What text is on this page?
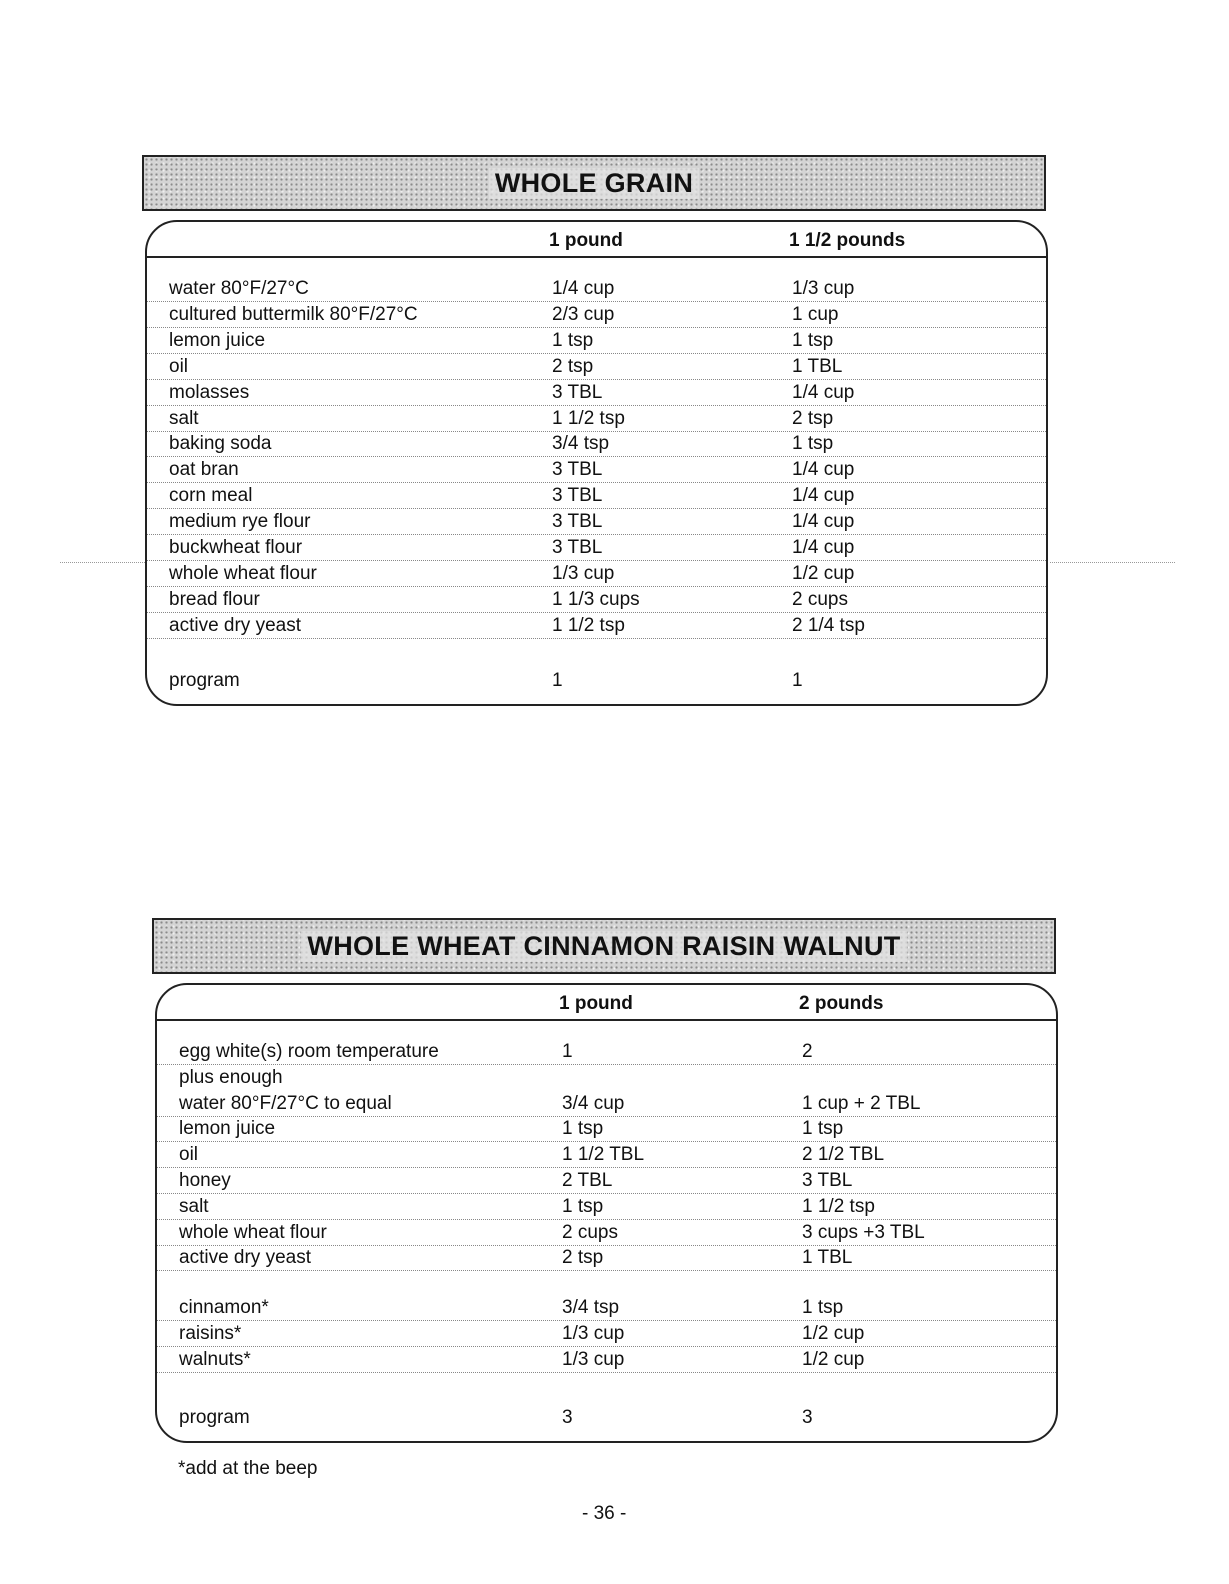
WHOLE GRAIN
1 pound	1 1/2 pounds
water 80°F/27°C	1/4 cup	1/3 cup
cultured buttermilk 80°F/27°C	2/3 cup	1 cup
lemon juice	1 tsp	1 tsp
oil	2 tsp	1 TBL
molasses	3 TBL	1/4 cup
salt	1 1/2 tsp	2 tsp
baking soda	3/4 tsp	1 tsp
oat bran	3 TBL	1/4 cup
corn meal	3 TBL	1/4 cup
medium rye flour	3 TBL	1/4 cup
buckwheat flour	3 TBL	1/4 cup
whole wheat flour	1/3 cup	1/2 cup
bread flour	1 1/3 cups	2 cups
active dry yeast	1 1/2 tsp	2 1/4 tsp
program	1	1
WHOLE WHEAT CINNAMON RAISIN WALNUT
1 pound	2 pounds
egg white(s) room temperature	1	2
plus enough
water 80°F/27°C to equal	3/4 cup	1 cup + 2 TBL
lemon juice	1 tsp	1 tsp
oil	1 1/2 TBL	2 1/2 TBL
honey	2 TBL	3 TBL
salt	1 tsp	1 1/2 tsp
whole wheat flour	2 cups	3 cups +3 TBL
active dry yeast	2 tsp	1 TBL
cinnamon*	3/4 tsp	1 tsp
raisins*	1/3 cup	1/2 cup
walnuts*	1/3 cup	1/2 cup
program	3	3
*add at the beep
- 36 -
